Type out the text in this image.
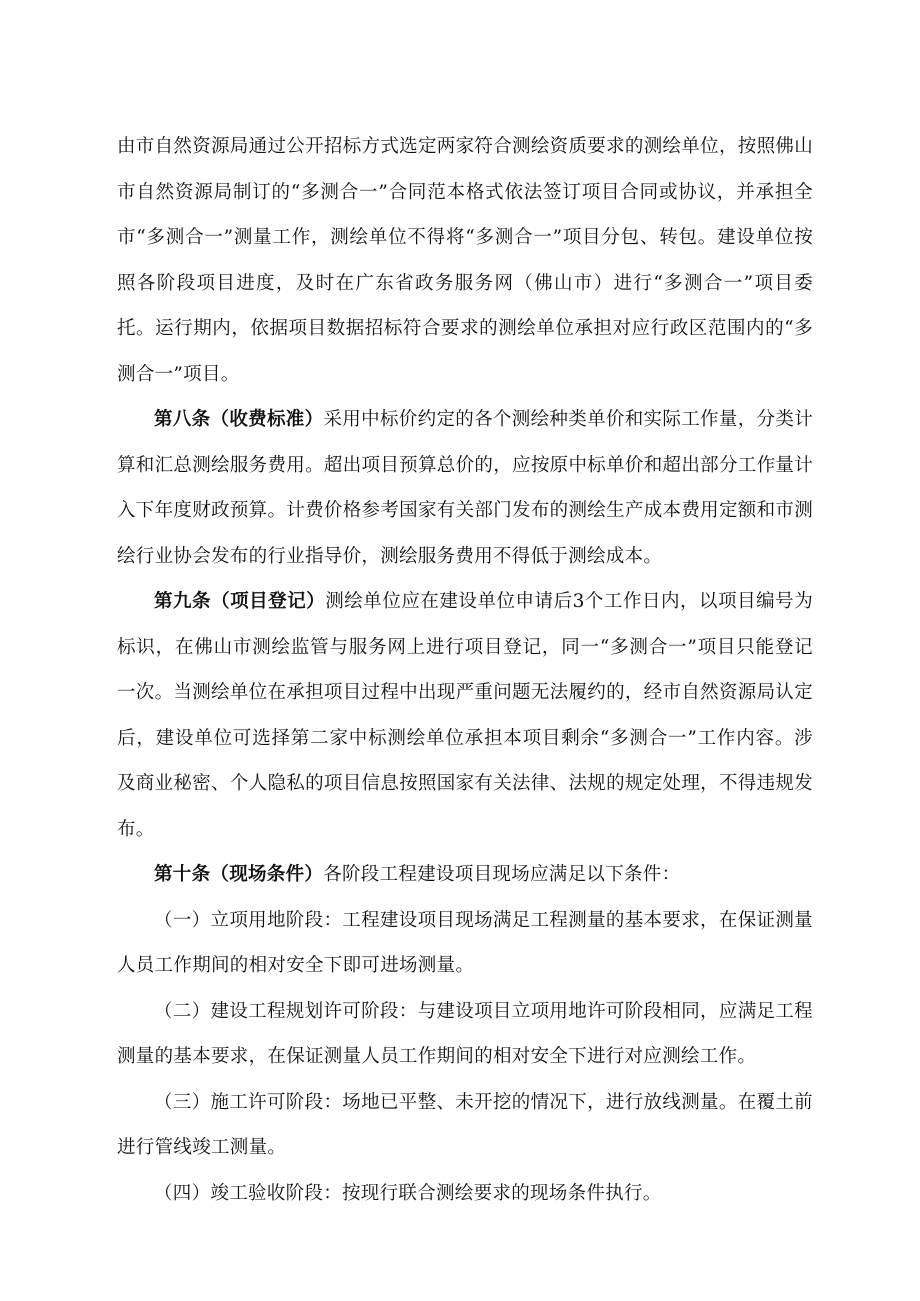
由市自然资源局通过公开招标方式选定两家符合测绘资质要求的测绘单位，按照佛山市自然资源局制订的“多测合一”合同范本格式依法签订项目合同或协议，并承担全市“多测合一”测量工作，测绘单位不得将“多测合一”项目分包、转包。建设单位按照各阶段项目进度，及时在广东省政务服务网（佛山市）进行“多测合一”项目委托。运行期内，依据项目数据招标符合要求的测绘单位承担对应行政区范围内的“多测合一”项目。

第八条（收费标准）采用中标价约定的各个测绘种类单价和实际工作量，分类计算和汇总测绘服务费用。超出项目预算总价的，应按原中标单价和超出部分工作量计入下年度财政预算。计费价格参考国家有关部门发布的测绘生产成本费用定额和市测绘行业协会发布的行业指导价，测绘服务费用不得低于测绘成本。

第九条（项目登记）测绘单位应在建设单位申请后3个工作日内，以项目编号为标识，在佛山市测绘监管与服务网上进行项目登记，同一“多测合一”项目只能登记一次。当测绘单位在承担项目过程中出现严重问题无法履约的，经市自然资源局认定后，建设单位可选择第二家中标测绘单位承担本项目剩余“多测合一”工作内容。涉及商业秘密、个人隐私的项目信息按照国家有关法律、法规的规定处理，不得违规发布。

第十条（现场条件）各阶段工程建设项目现场应满足以下条件：

（一）立项用地阶段：工程建设项目现场满足工程测量的基本要求，在保证测量人员工作期间的相对安全下即可进场测量。

（二）建设工程规划许可阶段：与建设项目立项用地许可阶段相同，应满足工程测量的基本要求，在保证测量人员工作期间的相对安全下进行对应测绘工作。

（三）施工许可阶段：场地已平整、未开挖的情况下，进行放线测量。在覆土前进行管线竣工测量。

（四）竣工验收阶段：按现行联合测绘要求的现场条件执行。
